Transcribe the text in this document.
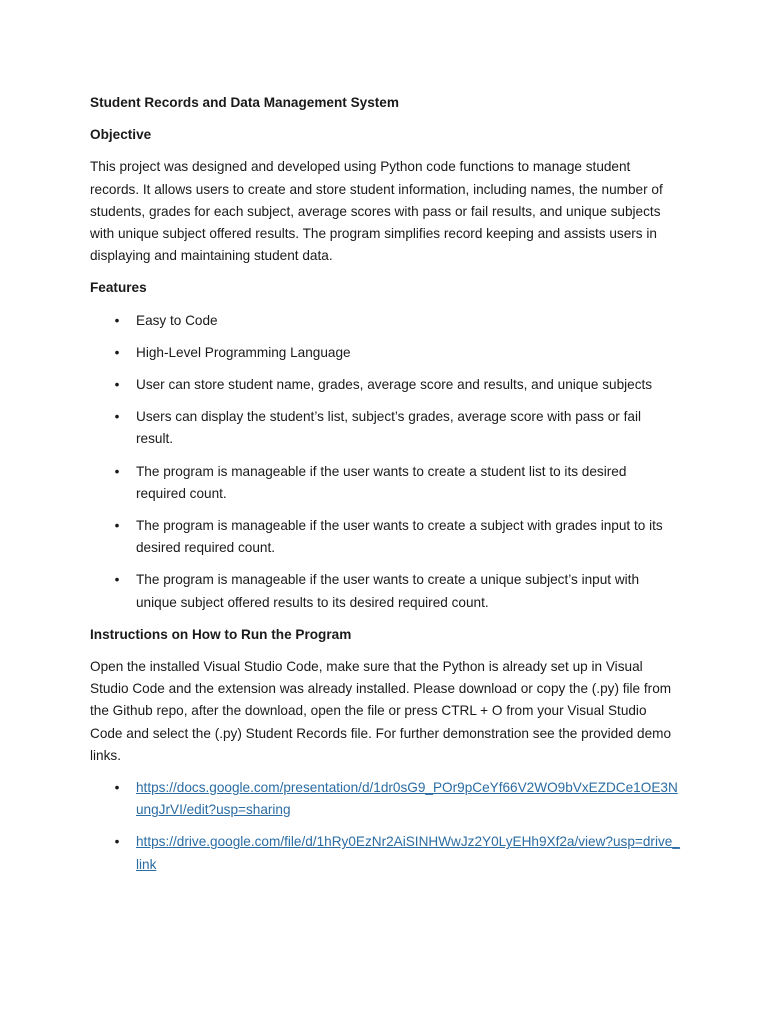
Student Records and Data Management System
Objective
This project was designed and developed using Python code functions to manage student records. It allows users to create and store student information, including names, the number of students, grades for each subject, average scores with pass or fail results, and unique subjects with unique subject offered results. The program simplifies record keeping and assists users in displaying and maintaining student data.
Features
• Easy to Code
• High-Level Programming Language
• User can store student name, grades, average score and results, and unique subjects
• Users can display the student’s list, subject’s grades, average score with pass or fail result.
• The program is manageable if the user wants to create a student list to its desired required count.
• The program is manageable if the user wants to create a subject with grades input to its desired required count.
• The program is manageable if the user wants to create a unique subject’s input with unique subject offered results to its desired required count.
Instructions on How to Run the Program
Open the installed Visual Studio Code, make sure that the Python is already set up in Visual Studio Code and the extension was already installed. Please download or copy the (.py) file from the Github repo, after the download, open the file or press CTRL + O from your Visual Studio Code and select the (.py) Student Records file. For further demonstration see the provided demo links.
• https://docs.google.com/presentation/d/1dr0sG9_POr9pCeYf66V2WO9bVxEZDCe1OE3NungJrVI/edit?usp=sharing
• https://drive.google.com/file/d/1hRy0EzNr2AiSINHWwJz2Y0LyEHh9Xf2a/view?usp=drive_link
